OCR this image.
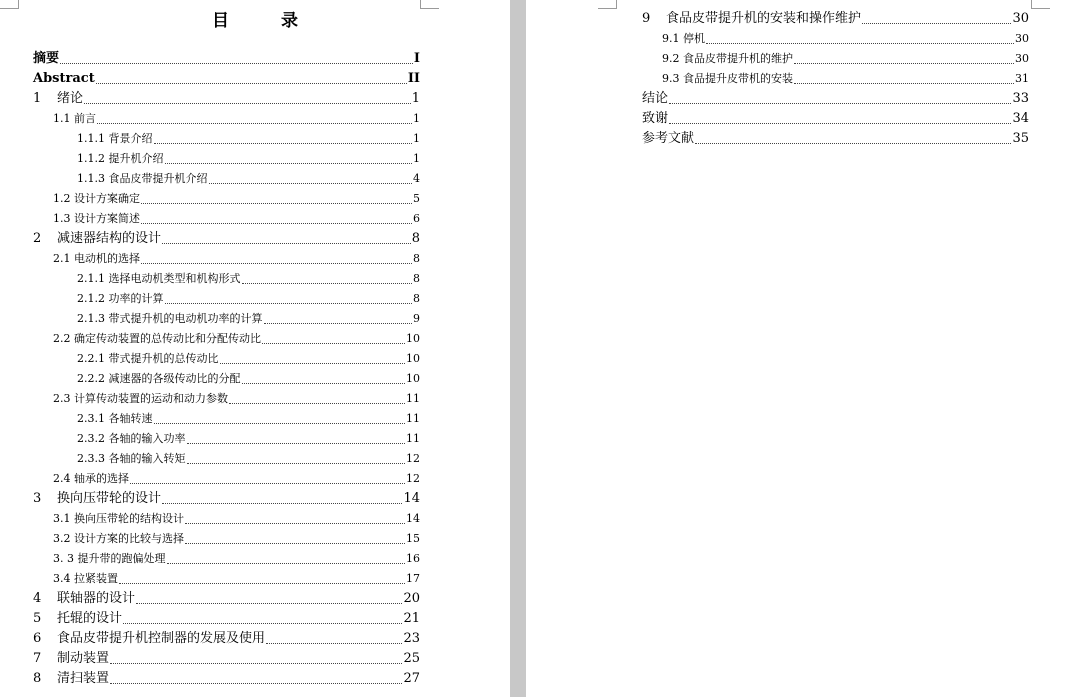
目录
摘要	I
Abstract	II
1 绪论	1
1.1 前言	1
1.1.1 背景介绍	1
1.1.2 提升机介绍	1
1.1.3 食品皮带提升机介绍	4
1.2 设计方案确定	5
1.3 设计方案简述	6
2 减速器结构的设计	8
2.1 电动机的选择	8
2.1.1 选择电动机类型和机构形式	8
2.1.2 功率的计算	8
2.1.3 带式提升机的电动机功率的计算	9
2.2 确定传动装置的总传动比和分配传动比	10
2.2.1 带式提升机的总传动比	10
2.2.2 减速器的各级传动比的分配	10
2.3 计算传动装置的运动和动力参数	11
2.3.1 各轴转速	11
2.3.2 各轴的输入功率	11
2.3.3 各轴的输入转矩	12
2.4 轴承的选择	12
3 换向压带轮的设计	14
3.1 换向压带轮的结构设计	14
3.2 设计方案的比较与选择	15
3. 3 提升带的跑偏处理	16
3.4 拉紧装置	17
4 联轴器的设计	20
5 托辊的设计	21
6 食品皮带提升机控制器的发展及使用	23
7 制动装置	25
8 清扫装置	27
9 食品皮带提升机的安装和操作维护	30
9.1 停机	30
9.2 食品皮带提升机的维护	30
9.3 食品提升皮带机的安装	31
结论	33
致谢	34
参考文献	35
